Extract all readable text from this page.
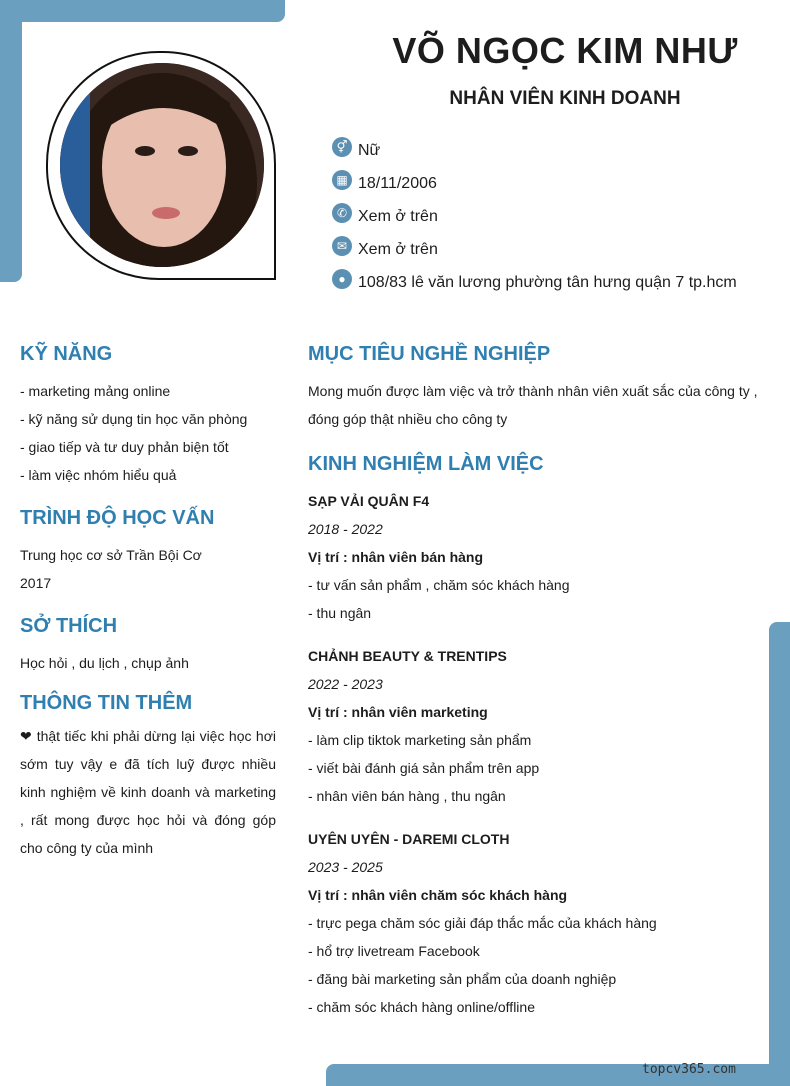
VÕ NGỌC KIM NHƯ
NHÂN VIÊN KINH DOANH
⚥ Nữ
▦ 18/11/2006
✆ Xem ở trên
✉ Xem ở trên
● 108/83 lê văn lương phường tân hưng quận 7 tp.hcm
KỸ NĂNG
- marketing mảng online
- kỹ năng sử dụng tin học văn phòng
- giao tiếp và tư duy phản biện tốt
- làm việc nhóm hiểu quả
TRÌNH ĐỘ HỌC VẤN
Trung học cơ sở Trần Bội Cơ
2017
SỞ THÍCH
Học hỏi , du lịch , chụp ảnh
THÔNG TIN THÊM
❤ thật tiếc khi phải dừng lại việc học hơi sớm tuy vậy e đã tích luỹ được nhiều kinh nghiệm về kinh doanh và marketing , rất mong được học hỏi và đóng góp cho công ty của mình
MỤC TIÊU NGHỀ NGHIỆP
Mong muốn được làm việc và trở thành nhân viên xuất sắc của công ty , đóng góp thật nhiều cho công ty
KINH NGHIỆM LÀM VIỆC
SẠP VẢI QUÂN F4
2018 - 2022
Vị trí : nhân viên bán hàng
- tư vấn sản phẩm , chăm sóc khách hàng
- thu ngân
CHẢNH BEAUTY & TRENTIPS
2022 - 2023
Vị trí : nhân viên marketing
- làm clip tiktok marketing sản phẩm
- viết bài đánh giá sản phẩm trên app
- nhân viên bán hàng , thu ngân
UYÊN UYÊN - DAREMI CLOTH
2023 - 2025
Vị trí : nhân viên chăm sóc khách hàng
- trực pega chăm sóc giải đáp thắc mắc của khách hàng
- hổ trợ livetream Facebook
- đăng bài marketing sản phẩm của doanh nghiệp
- chăm sóc khách hàng online/offline
topcv365.com
